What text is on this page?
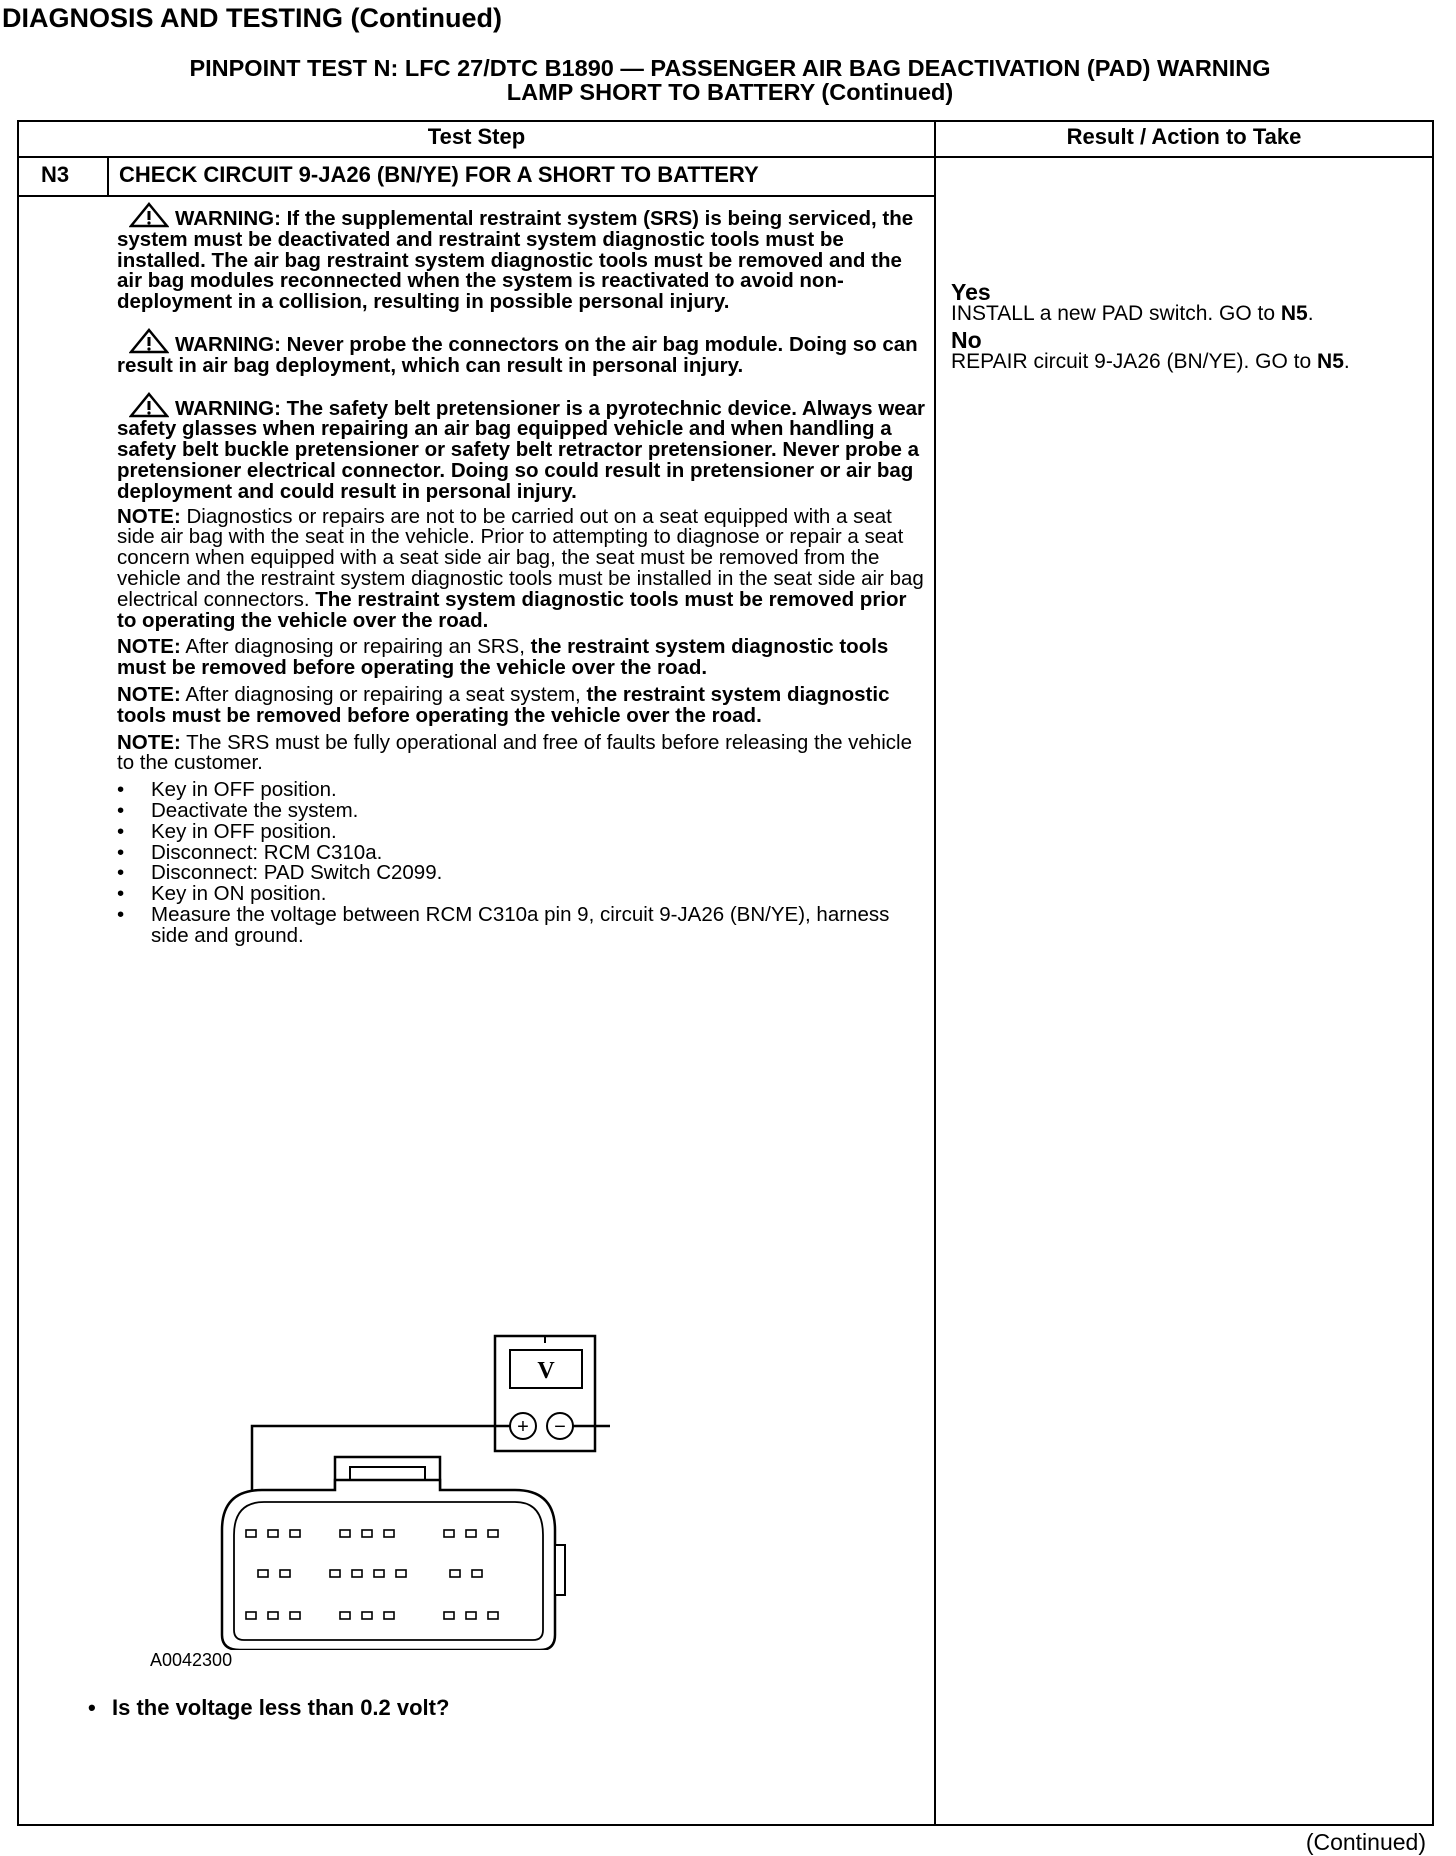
DIAGNOSIS AND TESTING (Continued)
PINPOINT TEST N: LFC 27/DTC B1890 — PASSENGER AIR BAG DEACTIVATION (PAD) WARNING
LAMP SHORT TO BATTERY (Continued)
Test Step	Result / Action to Take
N3 CHECK CIRCUIT 9-JA26 (BN/YE) FOR A SHORT TO BATTERY

WARNING: If the supplemental restraint system (SRS) is being serviced, the system must be deactivated and restraint system diagnostic tools must be installed. The air bag restraint system diagnostic tools must be removed and the air bag modules reconnected when the system is reactivated to avoid non-deployment in a collision, resulting in possible personal injury.

WARNING: Never probe the connectors on the air bag module. Doing so can result in air bag deployment, which can result in personal injury.

WARNING: The safety belt pretensioner is a pyrotechnic device. Always wear safety glasses when repairing an air bag equipped vehicle and when handling a safety belt buckle pretensioner or safety belt retractor pretensioner. Never probe a pretensioner electrical connector. Doing so could result in pretensioner or air bag deployment and could result in personal injury.

NOTE: Diagnostics or repairs are not to be carried out on a seat equipped with a seat side air bag with the seat in the vehicle. Prior to attempting to diagnose or repair a seat concern when equipped with a seat side air bag, the seat must be removed from the vehicle and the restraint system diagnostic tools must be installed in the seat side air bag electrical connectors. The restraint system diagnostic tools must be removed prior to operating the vehicle over the road.

NOTE: After diagnosing or repairing an SRS, the restraint system diagnostic tools must be removed before operating the vehicle over the road.

NOTE: After diagnosing or repairing a seat system, the restraint system diagnostic tools must be removed before operating the vehicle over the road.

NOTE: The SRS must be fully operational and free of faults before releasing the vehicle to the customer.

• Key in OFF position.
• Deactivate the system.
• Key in OFF position.
• Disconnect: RCM C310a.
• Disconnect: PAD Switch C2099.
• Key in ON position.
• Measure the voltage between RCM C310a pin 9, circuit 9-JA26 (BN/YE), harness side and ground.
Yes

INSTALL a new PAD switch. GO to N5.

No

REPAIR circuit 9-JA26 (BN/YE). GO to N5.

V
+ −
A0042300
• Is the voltage less than 0.2 volt?
(Continued)
